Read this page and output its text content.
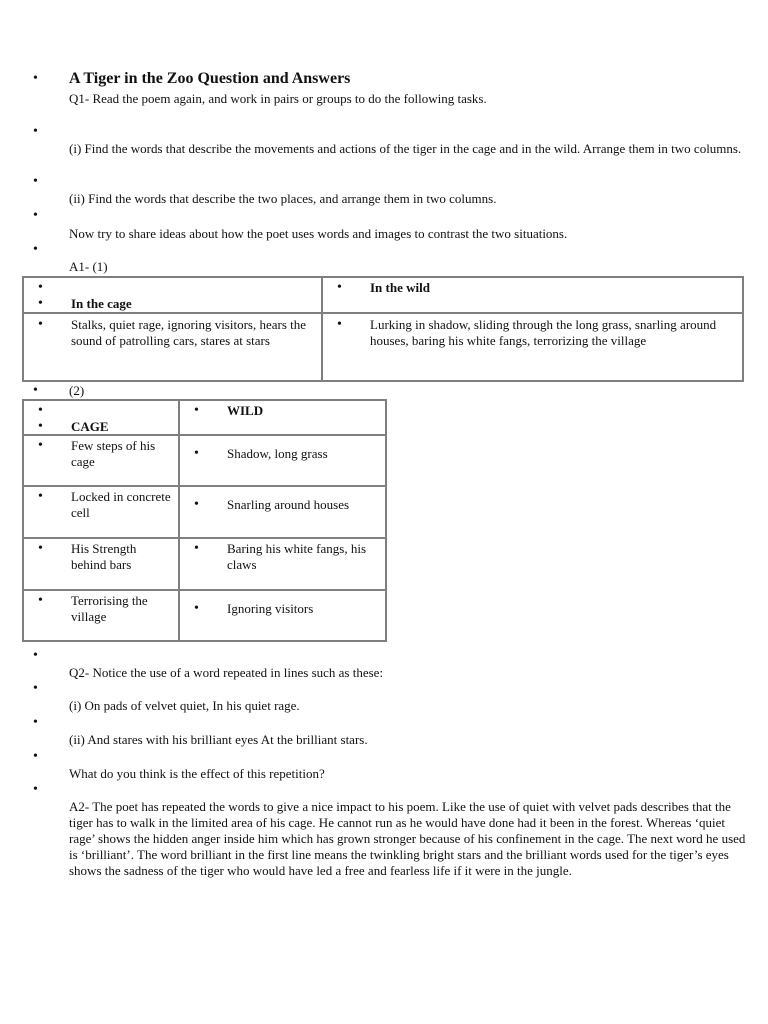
• A Tiger in the Zoo Question and Answers
Q1- Read the poem again, and work in pairs or groups to do the following tasks.
•
(i) Find the words that describe the movements and actions of the tiger in the cage and in the wild. Arrange them in two columns.
•
(ii) Find the words that describe the two places, and arrange them in two columns.
•
Now try to share ideas about how the poet uses words and images to contrast the two situations.
•
A1- (1)
•
• In the cage	• In the wild

• Stalks, quiet rage, ignoring visitors, hears the sound of patrolling cars, stares at stars	• Lurking in shadow, sliding through the long grass, snarling around houses, baring his white fangs, terrorizing the village
• (2)
•
• CAGE	• WILD

• Few steps of his cage	• Shadow, long grass

• Locked in concrete cell	• Snarling around houses

• His Strength behind bars	• Baring his white fangs, his claws

• Terrorising the village	• Ignoring visitors
•
Q2- Notice the use of a word repeated in lines such as these:
•
(i) On pads of velvet quiet, In his quiet rage.
•
(ii) And stares with his brilliant eyes At the brilliant stars.
•
What do you think is the effect of this repetition?
•
A2- The poet has repeated the words to give a nice impact to his poem. Like the use of quiet with velvet pads describes that the tiger has to walk in the limited area of his cage. He cannot run as he would have done had it been in the forest. Whereas ‘quiet rage’ shows the hidden anger inside him which has grown stronger because of his confinement in the cage. The next word he used is ‘brilliant’. The word brilliant in the first line means the twinkling bright stars and the brilliant words used for the tiger’s eyes shows the sadness of the tiger who would have led a free and fearless life if it were in the jungle.
